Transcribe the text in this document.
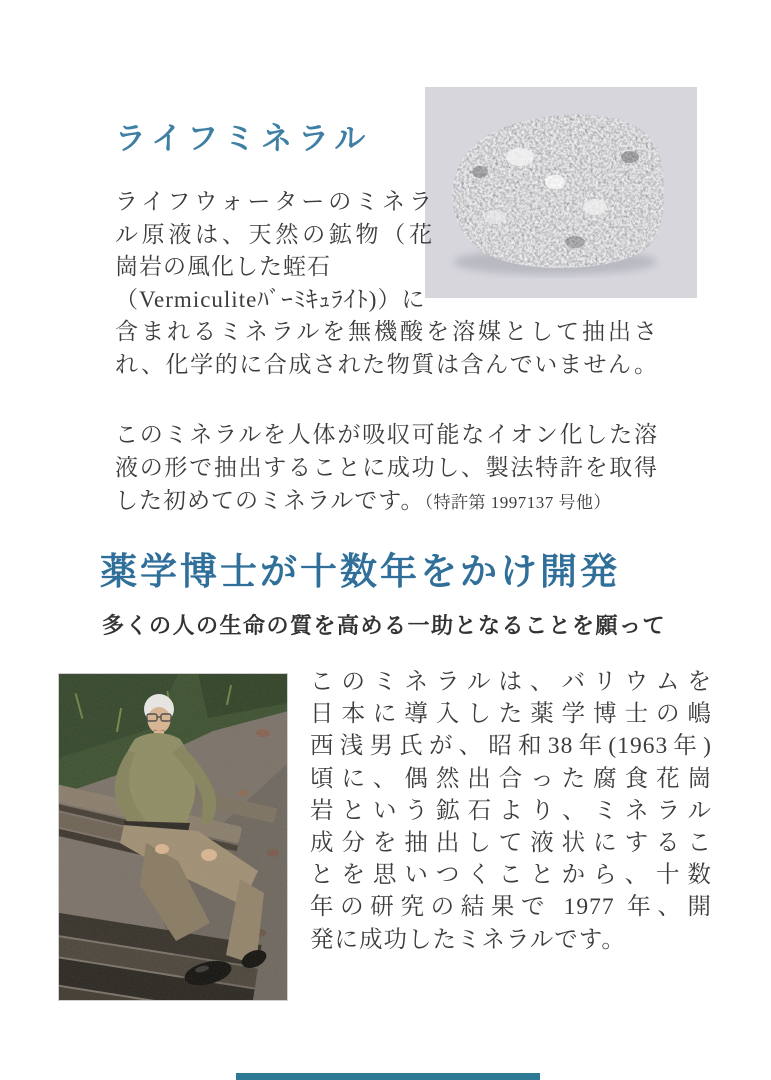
ライフミネラル
ライフウォーターのミネラ
ル原液は、天然の鉱物（花
崗岩の風化した蛭石
（Vermiculiteﾊﾞｰﾐｷｭﾗｲﾄ)）に
含まれるミネラルを無機酸を溶媒として抽出さ
れ、化学的に合成された物質は含んでいません。
このミネラルを人体が吸収可能なイオン化した溶
液の形で抽出することに成功し、製法特許を取得
した初めてのミネラルです。（特許第 1997137 号他）
薬学博士が十数年をかけ開発
多くの人の生命の質を高める一助となることを願って
このミネラルは、バリウムを
日本に導入した薬学博士の嶋
西浅男氏が、昭和38年(1963年)
頃に、偶然出合った腐食花崗
岩という鉱石より、ミネラル
成分を抽出して液状にするこ
とを思いつくことから、十数
年の研究の結果で 1977 年、開
発に成功したミネラルです。
